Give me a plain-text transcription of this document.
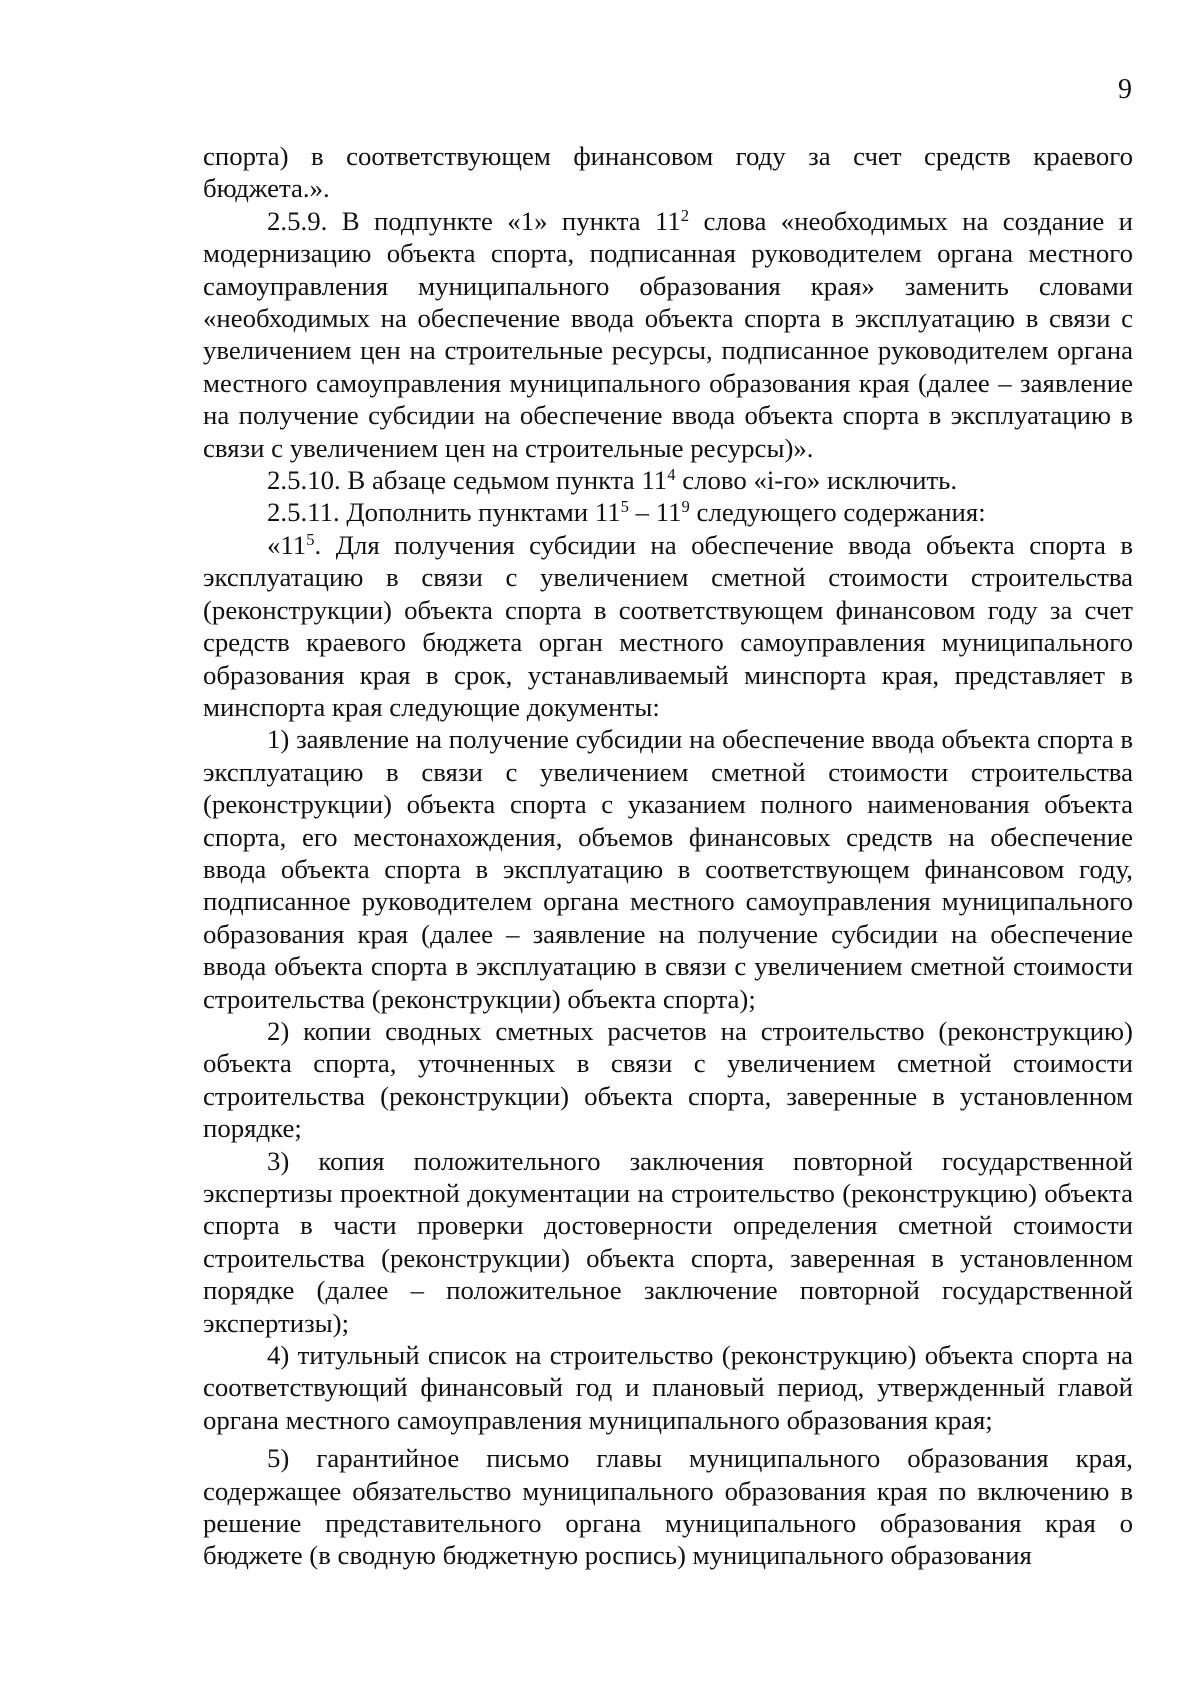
9

спорта) в соответствующем финансовом году за счет средств краевого бюджета.».

2.5.9. В подпункте «1» пункта $11^2$ слова «необходимых на создание и модернизацию объекта спорта, подписанная руководителем органа местного самоуправления муниципального образования края» заменить словами «необходимых на обеспечение ввода объекта спорта в эксплуатацию в связи с увеличением цен на строительные ресурсы, подписанное руководителем органа местного самоуправления муниципального образования края (далее – заявление на получение субсидии на обеспечение ввода объекта спорта в эксплуатацию в связи с увеличением цен на строительные ресурсы)».

2.5.10. В абзаце седьмом пункта $11^4$ слово «i-го» исключить.

2.5.11. Дополнить пунктами $11^5 - 11^9$ следующего содержания:

«$11^5$. Для получения субсидии на обеспечение ввода объекта спорта в эксплуатацию в связи с увеличением сметной стоимости строительства (реконструкции) объекта спорта в соответствующем финансовом году за счет средств краевого бюджета орган местного самоуправления муниципального образования края в срок, устанавливаемый минспорта края, представляет в минспорта края следующие документы:

1) заявление на получение субсидии на обеспечение ввода объекта спорта в эксплуатацию в связи с увеличением сметной стоимости строительства (реконструкции) объекта спорта с указанием полного наименования объекта спорта, его местонахождения, объемов финансовых средств на обеспечение ввода объекта спорта в эксплуатацию в соответствующем финансовом году, подписанное руководителем органа местного самоуправления муниципального образования края (далее – заявление на получение субсидии на обеспечение ввода объекта спорта в эксплуатацию в связи с увеличением сметной стоимости строительства (реконструкции) объекта спорта);

2) копии сводных сметных расчетов на строительство (реконструкцию) объекта спорта, уточненных в связи с увеличением сметной стоимости строительства (реконструкции) объекта спорта, заверенные в установленном порядке;

3) копия положительного заключения повторной государственной экспертизы проектной документации на строительство (реконструкцию) объекта спорта в части проверки достоверности определения сметной стоимости строительства (реконструкции) объекта спорта, заверенная в установленном порядке (далее – положительное заключение повторной государственной экспертизы);

4) титульный список на строительство (реконструкцию) объекта спорта на соответствующий финансовый год и плановый период, утвержденный главой органа местного самоуправления муниципального образования края;

5) гарантийное письмо главы муниципального образования края, содержащее обязательство муниципального образования края по включению в решение представительного органа муниципального образования края о бюджете (в сводную бюджетную роспись) муниципального образования
